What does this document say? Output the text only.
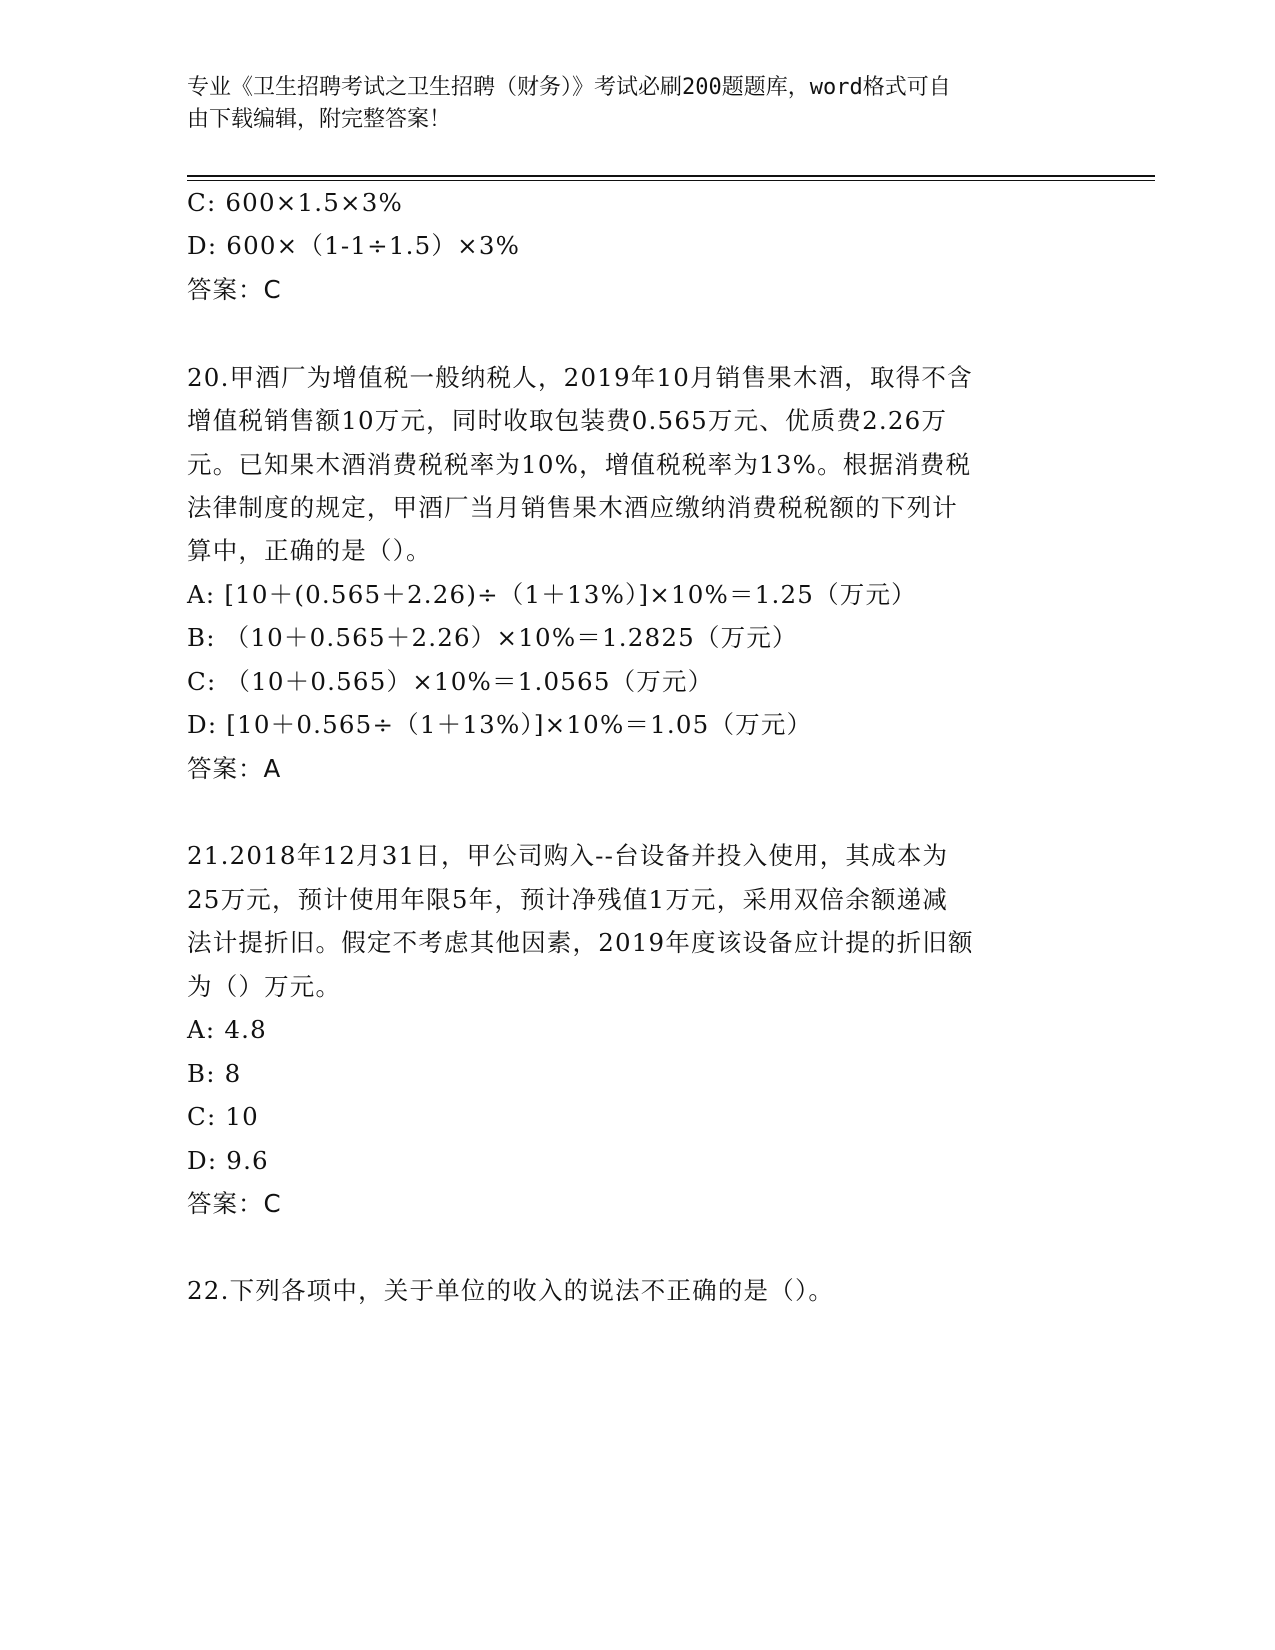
专业《卫生招聘考试之卫生招聘（财务）》考试必刷200题题库，word格式可自
由下载编辑，附完整答案！
C: 600×1.5×3%
D: 600×（1-1÷1.5）×3%
答案：C
20.甲酒厂为增值税一般纳税人，2019年10月销售果木酒，取得不含
增值税销售额10万元，同时收取包装费0.565万元、优质费2.26万
元。已知果木酒消费税税率为10%，增值税税率为13%。根据消费税
法律制度的规定，甲酒厂当月销售果木酒应缴纳消费税税额的下列计
算中，正确的是（）。
A: [10＋(0.565＋2.26)÷（1＋13%）]×10%＝1.25（万元）
B: （10＋0.565＋2.26）×10%＝1.2825（万元）
C: （10＋0.565）×10%＝1.0565（万元）
D: [10＋0.565÷（1＋13%）]×10%＝1.05（万元）
答案：A
21.2018年12月31日，甲公司购入--台设备并投入使用，其成本为
25万元，预计使用年限5年，预计净残值1万元，采用双倍余额递减
法计提折旧。假定不考虑其他因素，2019年度该设备应计提的折旧额
为（）万元。
A: 4.8
B: 8
C: 10
D: 9.6
答案：C
22.下列各项中，关于单位的收入的说法不正确的是（）。
